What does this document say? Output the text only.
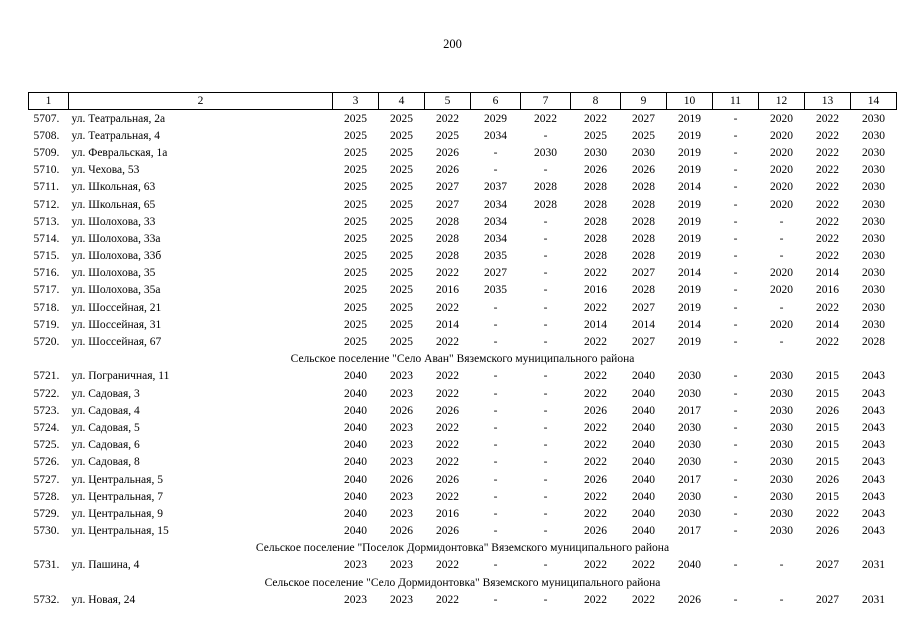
200
1	2	3	4	5	6	7	8	9	10	11	12	13	14
5707.	ул. Театральная, 2а	2025	2025	2022	2029	2022	2022	2027	2019	-	2020	2022	2030
5708.	ул. Театральная, 4	2025	2025	2025	2034	-	2025	2025	2019	-	2020	2022	2030
5709.	ул. Февральская, 1а	2025	2025	2026	-	2030	2030	2030	2019	-	2020	2022	2030
5710.	ул. Чехова, 53	2025	2025	2026	-	-	2026	2026	2019	-	2020	2022	2030
5711.	ул. Школьная, 63	2025	2025	2027	2037	2028	2028	2028	2014	-	2020	2022	2030
5712.	ул. Школьная, 65	2025	2025	2027	2034	2028	2028	2028	2019	-	2020	2022	2030
5713.	ул. Шолохова, 33	2025	2025	2028	2034	-	2028	2028	2019	-	-	2022	2030
5714.	ул. Шолохова, 33а	2025	2025	2028	2034	-	2028	2028	2019	-	-	2022	2030
5715.	ул. Шолохова, 33б	2025	2025	2028	2035	-	2028	2028	2019	-	-	2022	2030
5716.	ул. Шолохова, 35	2025	2025	2022	2027	-	2022	2027	2014	-	2020	2014	2030
5717.	ул. Шолохова, 35а	2025	2025	2016	2035	-	2016	2028	2019	-	2020	2016	2030
5718.	ул. Шоссейная, 21	2025	2025	2022	-	-	2022	2027	2019	-	-	2022	2030
5719.	ул. Шоссейная, 31	2025	2025	2014	-	-	2014	2014	2014	-	2020	2014	2030
5720.	ул. Шоссейная, 67	2025	2025	2022	-	-	2022	2027	2019	-	-	2022	2028
Сельское поселение "Село Аван" Вяземского муниципального района													
5721.	ул. Пограничная, 11	2040	2023	2022	-	-	2022	2040	2030	-	2030	2015	2043
5722.	ул. Садовая, 3	2040	2023	2022	-	-	2022	2040	2030	-	2030	2015	2043
5723.	ул. Садовая, 4	2040	2026	2026	-	-	2026	2040	2017	-	2030	2026	2043
5724.	ул. Садовая, 5	2040	2023	2022	-	-	2022	2040	2030	-	2030	2015	2043
5725.	ул. Садовая, 6	2040	2023	2022	-	-	2022	2040	2030	-	2030	2015	2043
5726.	ул. Садовая, 8	2040	2023	2022	-	-	2022	2040	2030	-	2030	2015	2043
5727.	ул. Центральная, 5	2040	2026	2026	-	-	2026	2040	2017	-	2030	2026	2043
5728.	ул. Центральная, 7	2040	2023	2022	-	-	2022	2040	2030	-	2030	2015	2043
5729.	ул. Центральная, 9	2040	2023	2016	-	-	2022	2040	2030	-	2030	2022	2043
5730.	ул. Центральная, 15	2040	2026	2026	-	-	2026	2040	2017	-	2030	2026	2043
Сельское поселение "Поселок Дормидонтовка" Вяземского муниципального района													
5731.	ул. Пашина, 4	2023	2023	2022	-	-	2022	2022	2040	-	-	2027	2031
Сельское поселение "Село Дормидонтовка" Вяземского муниципального района													
5732.	ул. Новая, 24	2023	2023	2022	-	-	2022	2022	2026	-	-	2027	2031
